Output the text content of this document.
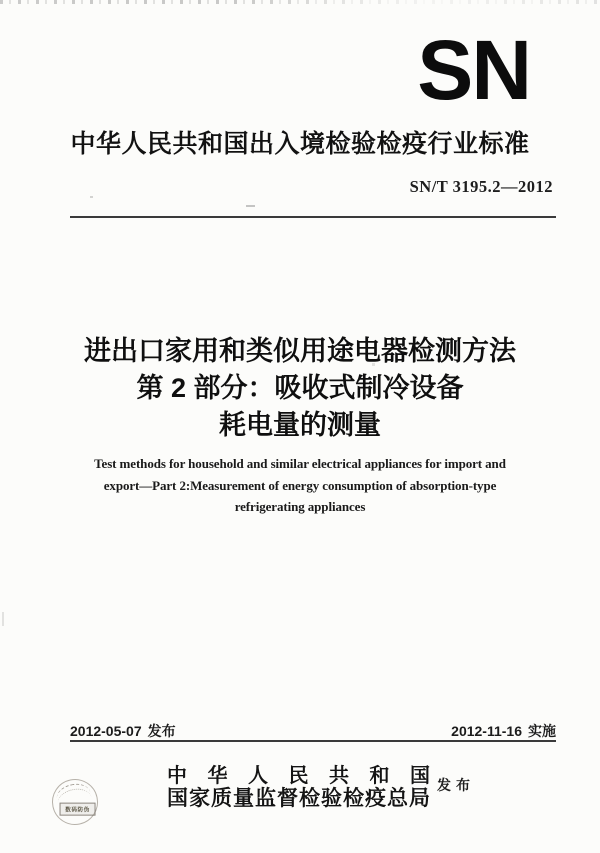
SN
中华人民共和国出入境检验检疫行业标准
SN/T 3195.2—2012
进出口家用和类似用途电器检测方法
第 2 部分：吸收式制冷设备
耗电量的测量
Test methods for household and similar electrical appliances for import and
export—Part 2:Measurement of energy consumption of absorption-type
refrigerating appliances
2012-05-07 发布	2012-11-16 实施
中华人民共和国
国家质量监督检验检疫总局
发布
数码防伪
